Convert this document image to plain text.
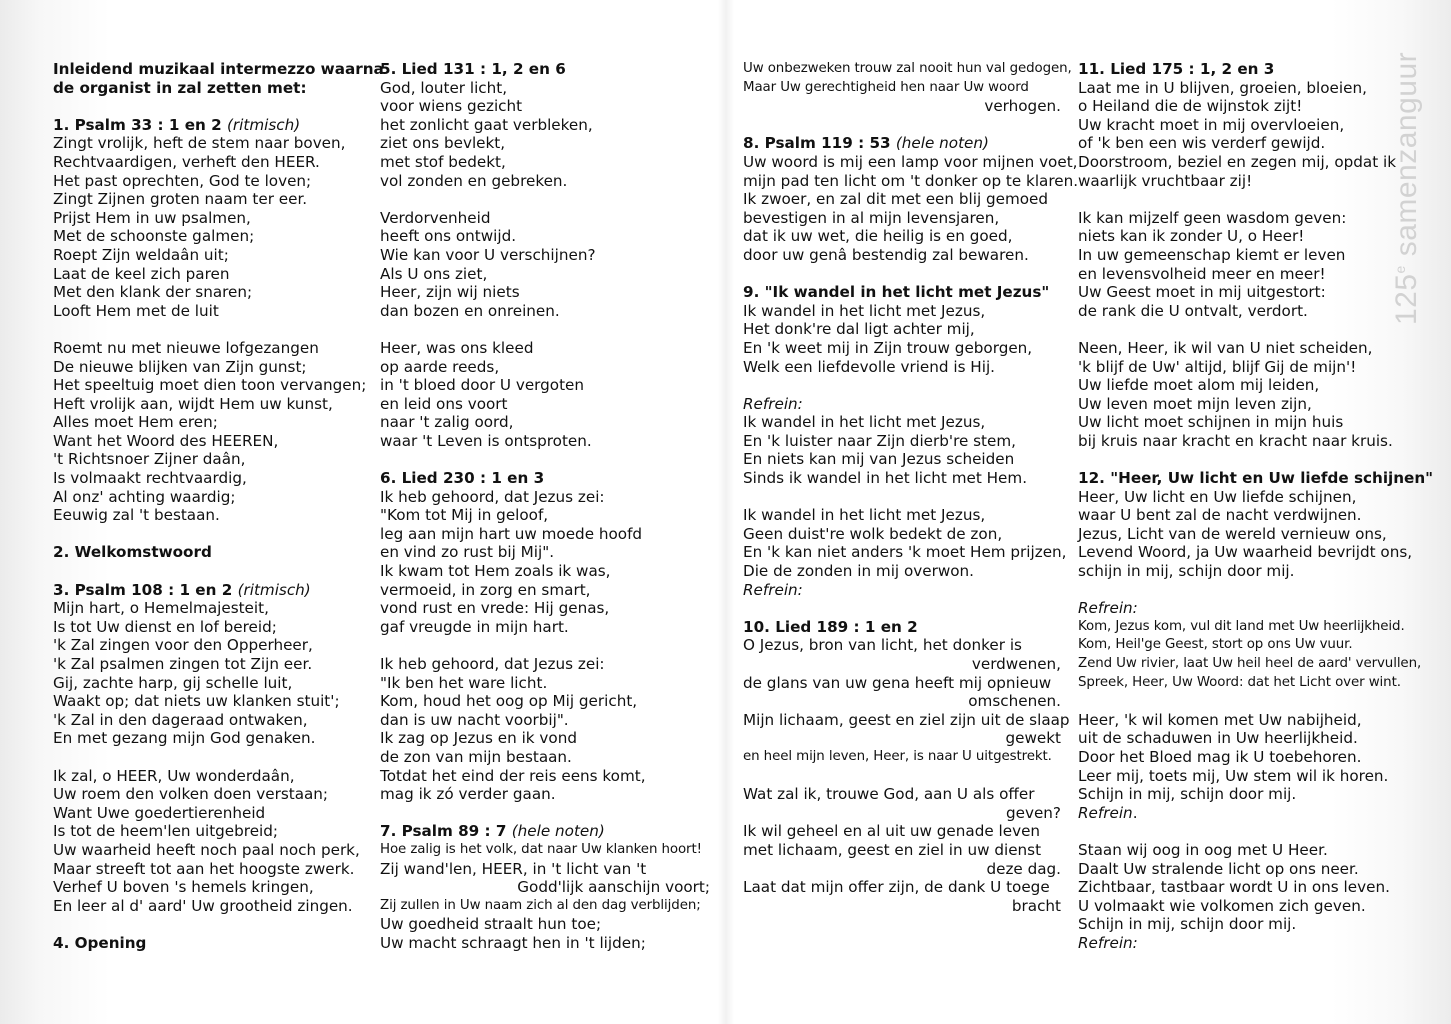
Inleidend muzikaal intermezzo waarna
de organist in zal zetten met:
1. Psalm 33 : 1 en 2 (ritmisch)
Zingt vrolijk, heft de stem naar boven,
Rechtvaardigen, verheft den HEER.
Het past oprechten, God te loven;
Zingt Zijnen groten naam ter eer.
Prijst Hem in uw psalmen,
Met de schoonste galmen;
Roept Zijn weldaân uit;
Laat de keel zich paren
Met den klank der snaren;
Looft Hem met de luit
Roemt nu met nieuwe lofgezangen
De nieuwe blijken van Zijn gunst;
Het speeltuig moet dien toon vervangen;
Heft vrolijk aan, wijdt Hem uw kunst,
Alles moet Hem eren;
Want het Woord des HEEREN,
't Richtsnoer Zijner daân,
Is volmaakt rechtvaardig,
Al onz' achting waardig;
Eeuwig zal 't bestaan.
2. Welkomstwoord
3. Psalm 108 : 1 en 2 (ritmisch)
Mijn hart, o Hemelmajesteit,
Is tot Uw dienst en lof bereid;
'k Zal zingen voor den Opperheer,
'k Zal psalmen zingen tot Zijn eer.
Gij, zachte harp, gij schelle luit,
Waakt op; dat niets uw klanken stuit';
'k Zal in den dageraad ontwaken,
En met gezang mijn God genaken.
Ik zal, o HEER, Uw wonderdaân,
Uw roem den volken doen verstaan;
Want Uwe goedertierenheid
Is tot de heem'len uitgebreid;
Uw waarheid heeft noch paal noch perk,
Maar streeft tot aan het hoogste zwerk.
Verhef U boven 's hemels kringen,
En leer al d' aard' Uw grootheid zingen.
4. Opening
5. Lied 131 : 1, 2 en 6
God, louter licht,
voor wiens gezicht
het zonlicht gaat verbleken,
ziet ons bevlekt,
met stof bedekt,
vol zonden en gebreken.
Verdorvenheid
heeft ons ontwijd.
Wie kan voor U verschijnen?
Als U ons ziet,
Heer, zijn wij niets
dan bozen en onreinen.
Heer, was ons kleed
op aarde reeds,
in 't bloed door U vergoten
en leid ons voort
naar 't zalig oord,
waar 't Leven is ontsproten.
6. Lied 230 : 1 en 3
Ik heb gehoord, dat Jezus zei:
"Kom tot Mij in geloof,
leg aan mijn hart uw moede hoofd
en vind zo rust bij Mij".
Ik kwam tot Hem zoals ik was,
vermoeid, in zorg en smart,
vond rust en vrede: Hij genas,
gaf vreugde in mijn hart.
Ik heb gehoord, dat Jezus zei:
"Ik ben het ware licht.
Kom, houd het oog op Mij gericht,
dan is uw nacht voorbij".
Ik zag op Jezus en ik vond
de zon van mijn bestaan.
Totdat het eind der reis eens komt,
mag ik zó verder gaan.
7. Psalm 89 : 7 (hele noten)
Hoe zalig is het volk, dat naar Uw klanken hoort!
Zij wand'len, HEER, in 't licht van 't
Godd'lijk aanschijn voort;
Zij zullen in Uw naam zich al den dag verblijden;
Uw goedheid straalt hun toe;
Uw macht schraagt hen in 't lijden;
Uw onbezweken trouw zal nooit hun val gedogen,
Maar Uw gerechtigheid hen naar Uw woord
verhogen.
8. Psalm 119 : 53 (hele noten)
Uw woord is mij een lamp voor mijnen voet,
mijn pad ten licht om 't donker op te klaren.
Ik zwoer, en zal dit met een blij gemoed
bevestigen in al mijn levensjaren,
dat ik uw wet, die heilig is en goed,
door uw genâ bestendig zal bewaren.
9. "Ik wandel in het licht met Jezus"
Ik wandel in het licht met Jezus,
Het donk're dal ligt achter mij,
En 'k weet mij in Zijn trouw geborgen,
Welk een liefdevolle vriend is Hij.
Refrein:
Ik wandel in het licht met Jezus,
En 'k luister naar Zijn dierb're stem,
En niets kan mij van Jezus scheiden
Sinds ik wandel in het licht met Hem.
Ik wandel in het licht met Jezus,
Geen duist're wolk bedekt de zon,
En 'k kan niet anders 'k moet Hem prijzen,
Die de zonden in mij overwon.
Refrein:
10. Lied 189 : 1 en 2
O Jezus, bron van licht, het donker is
verdwenen,
de glans van uw gena heeft mij opnieuw
omschenen.
Mijn lichaam, geest en ziel zijn uit de slaap
gewekt
en heel mijn leven, Heer, is naar U uitgestrekt.
Wat zal ik, trouwe God, aan U als offer
geven?
Ik wil geheel en al uit uw genade leven
met lichaam, geest en ziel in uw dienst
deze dag.
Laat dat mijn offer zijn, de dank U toege
bracht
11. Lied 175 : 1, 2 en 3
Laat me in U blijven, groeien, bloeien,
o Heiland die de wijnstok zijt!
Uw kracht moet in mij overvloeien,
of 'k ben een wis verderf gewijd.
Doorstroom, beziel en zegen mij, opdat ik
waarlijk vruchtbaar zij!
Ik kan mijzelf geen wasdom geven:
niets kan ik zonder U, o Heer!
In uw gemeenschap kiemt er leven
en levensvolheid meer en meer!
Uw Geest moet in mij uitgestort:
de rank die U ontvalt, verdort.
Neen, Heer, ik wil van U niet scheiden,
'k blijf de Uw' altijd, blijf Gij de mijn'!
Uw liefde moet alom mij leiden,
Uw leven moet mijn leven zijn,
Uw licht moet schijnen in mijn huis
bij kruis naar kracht en kracht naar kruis.
12. "Heer, Uw licht en Uw liefde schijnen"
Heer, Uw licht en Uw liefde schijnen,
waar U bent zal de nacht verdwijnen.
Jezus, Licht van de wereld vernieuw ons,
Levend Woord, ja Uw waarheid bevrijdt ons,
schijn in mij, schijn door mij.
Refrein:
Kom, Jezus kom, vul dit land met Uw heerlijkheid.
Kom, Heil'ge Geest, stort op ons Uw vuur.
Zend Uw rivier, laat Uw heil heel de aard' vervullen,
Spreek, Heer, Uw Woord: dat het Licht over wint.
Heer, 'k wil komen met Uw nabijheid,
uit de schaduwen in Uw heerlijkheid.
Door het Bloed mag ik U toebehoren.
Leer mij, toets mij, Uw stem wil ik horen.
Schijn in mij, schijn door mij.
Refrein.
Staan wij oog in oog met U Heer.
Daalt Uw stralende licht op ons neer.
Zichtbaar, tastbaar wordt U in ons leven.
U volmaakt wie volkomen zich geven.
Schijn in mij, schijn door mij.
Refrein:
125e samenzanguur
